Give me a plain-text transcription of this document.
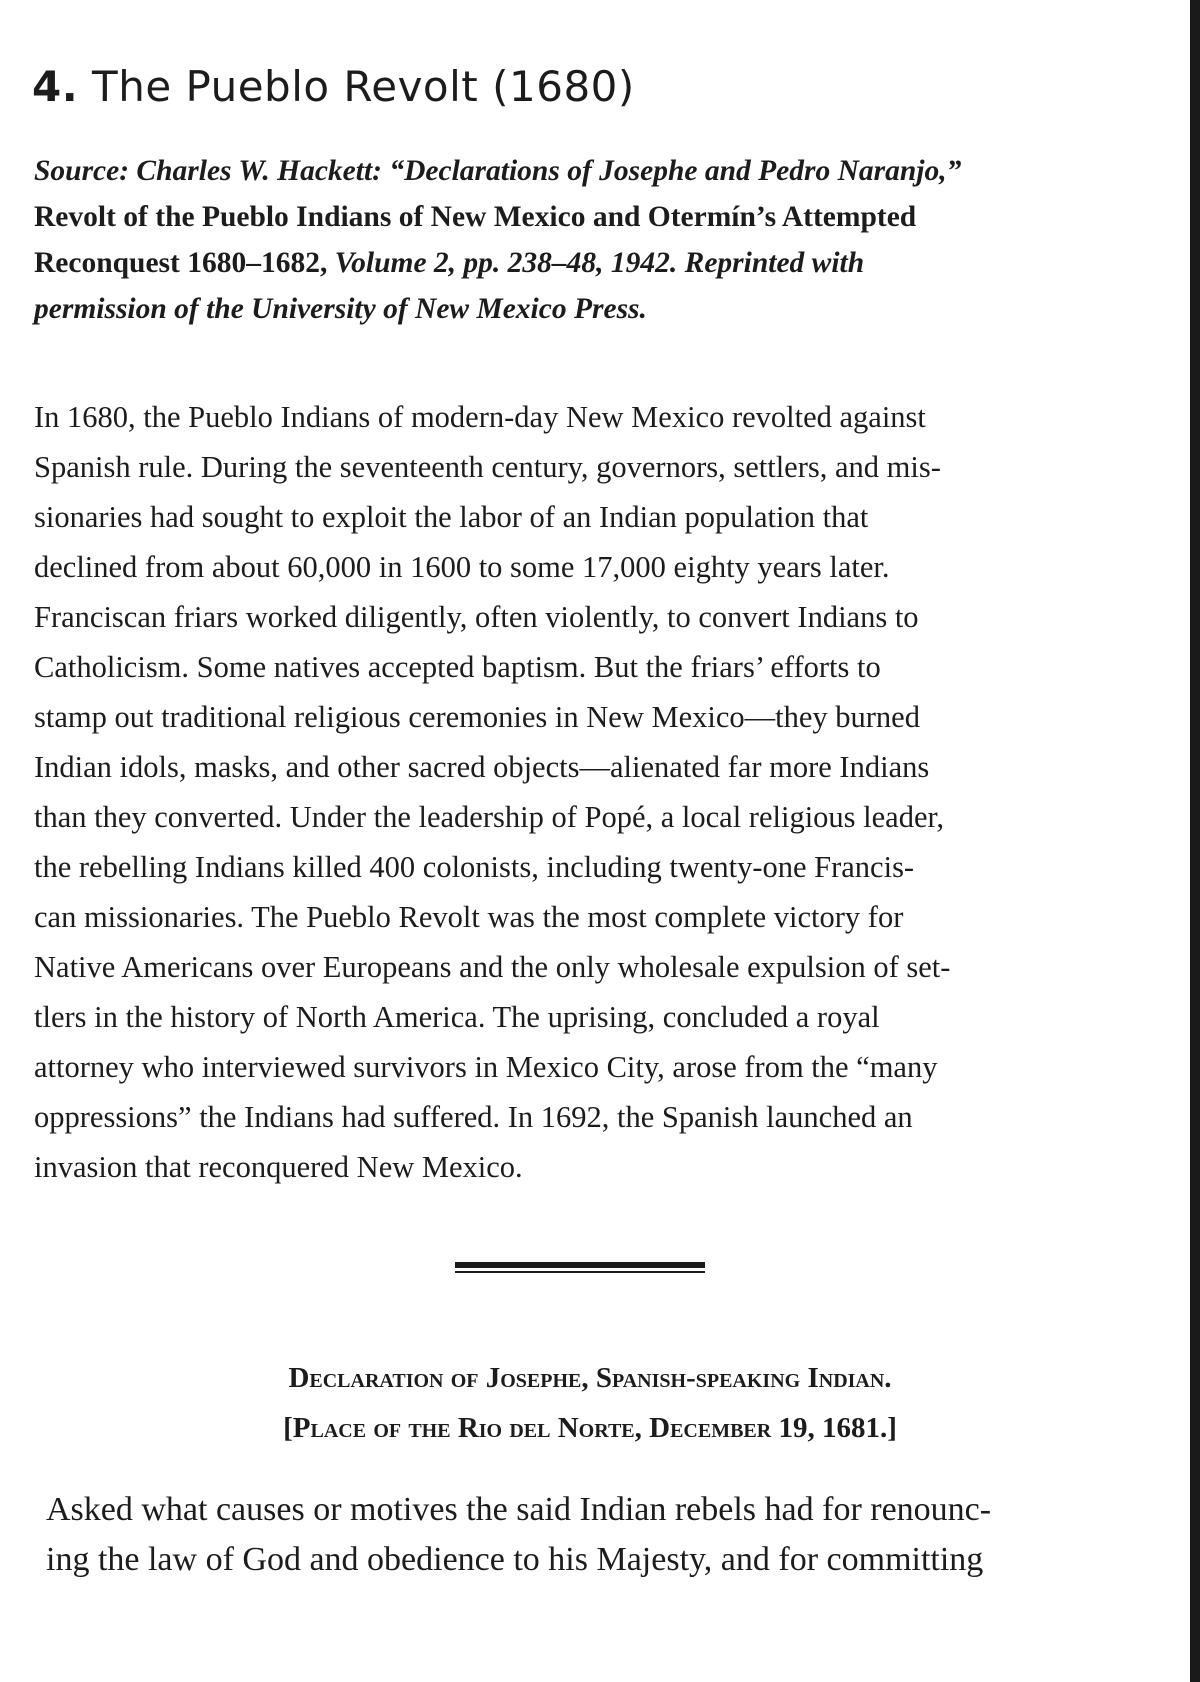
4. The Pueblo Revolt (1680)

Source: Charles W. Hackett: “Declarations of Josephe and Pedro Naranjo,”
Revolt of the Pueblo Indians of New Mexico and Otermín’s Attempted
Reconquest 1680–1682, Volume 2, pp. 238–48, 1942. Reprinted with
permission of the University of New Mexico Press.

In 1680, the Pueblo Indians of modern-day New Mexico revolted against
Spanish rule. During the seventeenth century, governors, settlers, and mis-
sionaries had sought to exploit the labor of an Indian population that
declined from about 60,000 in 1600 to some 17,000 eighty years later.
Franciscan friars worked diligently, often violently, to convert Indians to
Catholicism. Some natives accepted baptism. But the friars’ efforts to
stamp out traditional religious ceremonies in New Mexico—they burned
Indian idols, masks, and other sacred objects—alienated far more Indians
than they converted. Under the leadership of Popé, a local religious leader,
the rebelling Indians killed 400 colonists, including twenty-one Francis-
can missionaries. The Pueblo Revolt was the most complete victory for
Native Americans over Europeans and the only wholesale expulsion of set-
tlers in the history of North America. The uprising, concluded a royal
attorney who interviewed survivors in Mexico City, arose from the “many
oppressions” the Indians had suffered. In 1692, the Spanish launched an
invasion that reconquered New Mexico.

Declaration of Josephe, Spanish-speaking Indian.
[Place of the Rio del Norte, December 19, 1681.]

Asked what causes or motives the said Indian rebels had for renounc-
ing the law of God and obedience to his Majesty, and for committing
